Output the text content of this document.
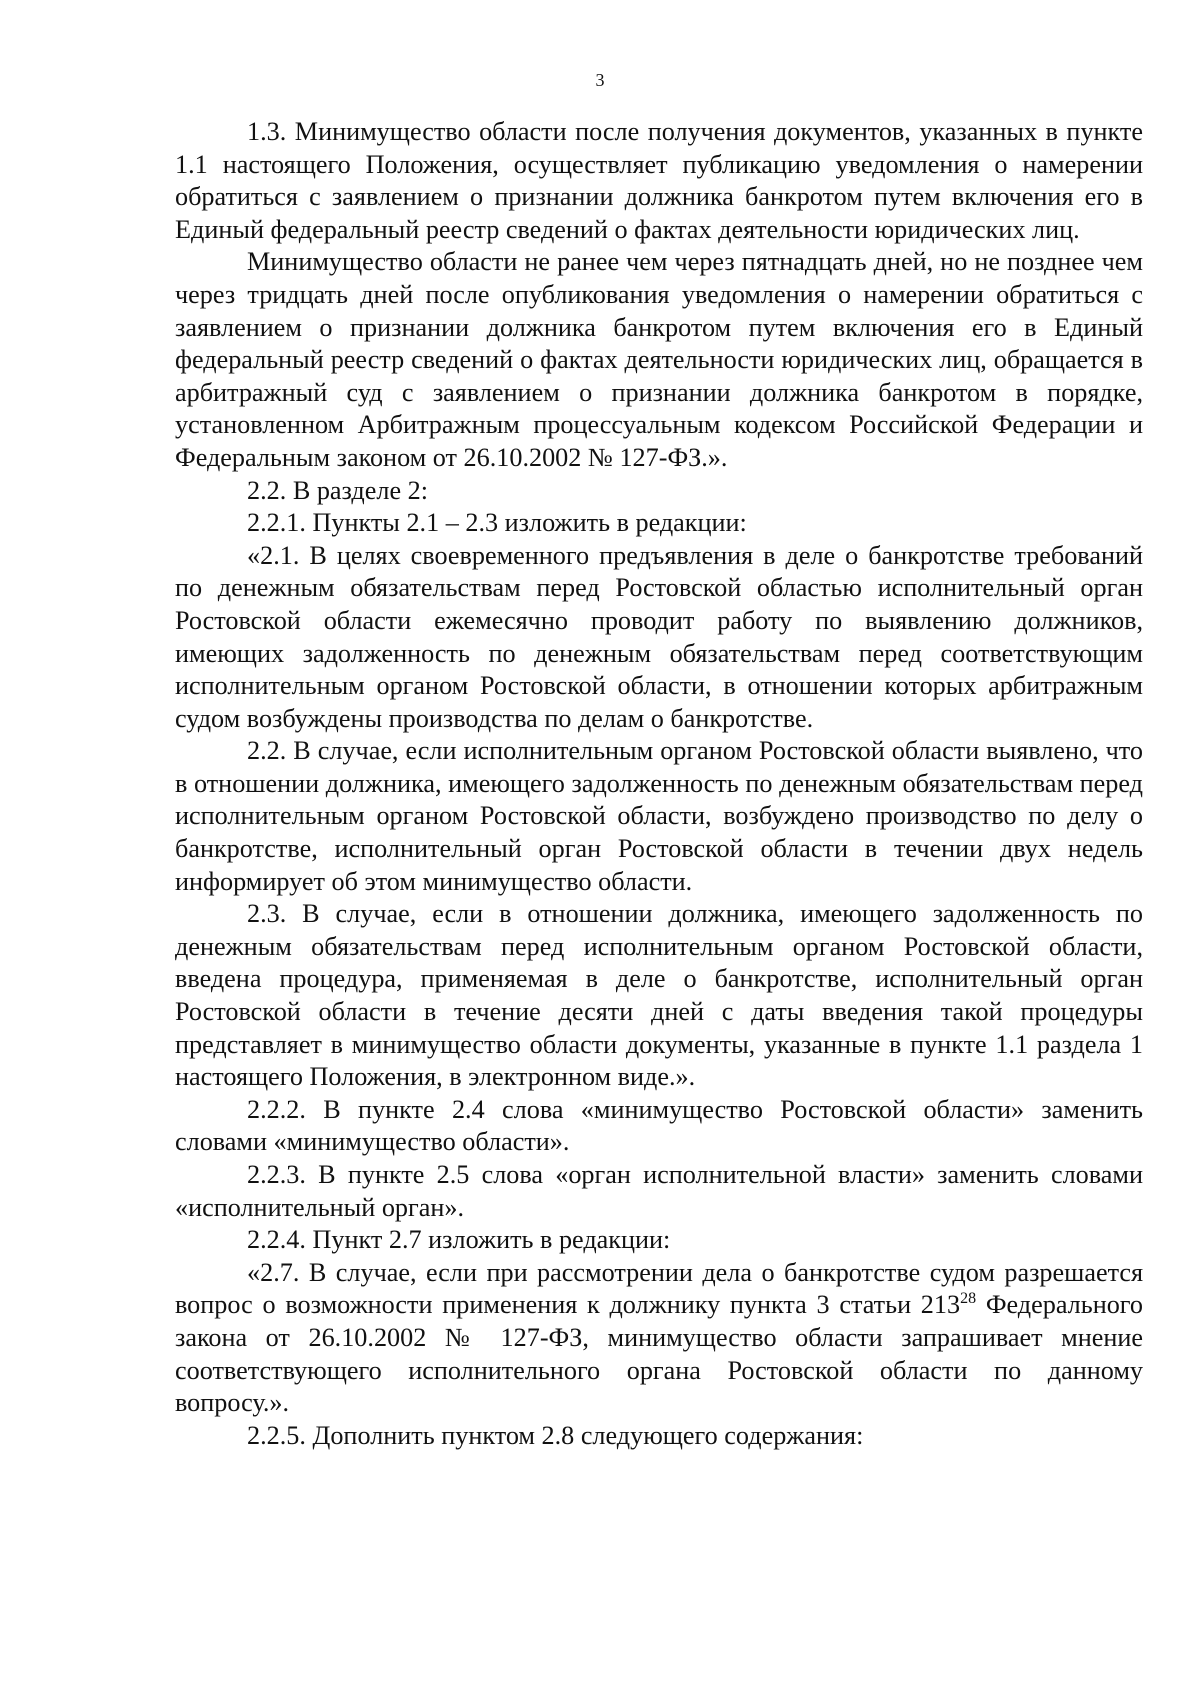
3

1.3. Минимущество области после получения документов, указанных в пункте 1.1 настоящего Положения, осуществляет публикацию уведомления о намерении обратиться с заявлением о признании должника банкротом путем включения его в Единый федеральный реестр сведений о фактах деятельности юридических лиц.

Минимущество области не ранее чем через пятнадцать дней, но не позднее чем через тридцать дней после опубликования уведомления о намерении обратиться с заявлением о признании должника банкротом путем включения его в Единый федеральный реестр сведений о фактах деятельности юридических лиц, обращается в арбитражный суд с заявлением о признании должника банкротом в порядке, установленном Арбитражным процессуальным кодексом Российской Федерации и Федеральным законом от 26.10.2002 № 127-ФЗ.».

2.2. В разделе 2:

2.2.1. Пункты 2.1 – 2.3 изложить в редакции:

«2.1. В целях своевременного предъявления в деле о банкротстве требований по денежным обязательствам перед Ростовской областью исполнительный орган Ростовской области ежемесячно проводит работу по выявлению должников, имеющих задолженность по денежным обязательствам перед соответствующим исполнительным органом Ростовской области, в отношении которых арбитражным судом возбуждены производства по делам о банкротстве.

2.2. В случае, если исполнительным органом Ростовской области выявлено, что в отношении должника, имеющего задолженность по денежным обязательствам перед исполнительным органом Ростовской области, возбуждено производство по делу о банкротстве, исполнительный орган Ростовской области в течении двух недель информирует об этом минимущество области.

2.3. В случае, если в отношении должника, имеющего задолженность по денежным обязательствам перед исполнительным органом Ростовской области, введена процедура, применяемая в деле о банкротстве, исполнительный орган Ростовской области в течение десяти дней с даты введения такой процедуры представляет в минимущество области документы, указанные в пункте 1.1 раздела 1 настоящего Положения, в электронном виде.».

2.2.2. В пункте 2.4 слова «минимущество Ростовской области» заменить словами «минимущество области».

2.2.3. В пункте 2.5 слова «орган исполнительной власти» заменить словами «исполнительный орган».

2.2.4. Пункт 2.7 изложить в редакции:

«2.7. В случае, если при рассмотрении дела о банкротстве судом разрешается вопрос о возможности применения к должнику пункта 3 статьи $213^{28}$ Федерального закона от 26.10.2002 № 127-ФЗ, минимущество области запрашивает мнение соответствующего исполнительного органа Ростовской области по данному вопросу.».

2.2.5. Дополнить пунктом 2.8 следующего содержания:
